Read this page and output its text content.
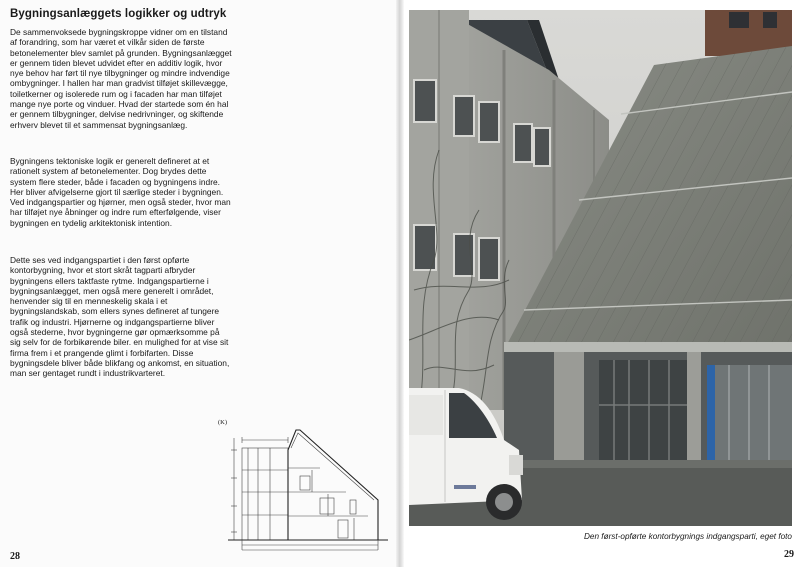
Bygningsanlæggets logikker og udtryk

De sammenvoksede bygningskroppe vidner om en tilstand af forandring, som har været et vilkår siden de første betonelementer blev samlet på grunden. Bygningsanlægget er gennem tiden blevet udvidet efter en additiv logik, hvor nye behov har ført til nye tilbygninger og mindre indvendige ombygninger. I hallen har man gradvist tilføjet skillevægge, toiletkerner og isolerede rum og i facaden har man tilføjet mange nye porte og vinduer. Hvad der startede som én hal er gennem tilbygninger, delvise nedrivninger, og skiftende erhverv blevet til et sammensat bygningsanlæg.

Bygningens tektoniske logik er generelt defineret at et rationelt system af betonelementer. Dog brydes dette system flere steder, både i facaden og bygningens indre. Her bliver afvigelserne gjort til særlige steder i bygningen. Ved indgangspartier og hjørner, men også steder, hvor man har tilføjet nye åbninger og indre rum efterfølgende, viser bygningen en tydelig arkitektonisk intention.

Dette ses ved indgangspartiet i den først opførte kontorbygning, hvor et stort skråt tagparti afbryder bygningens ellers taktfaste rytme. Indgangspartierne i bygningsanlægget, men også mere generelt i området, henvender sig til en menneskelig skala i et bygningslandskab, som ellers synes defineret af tungere trafik og industri. Hjørnerne og indgangspartierne bliver også stederne, hvor bygningerne gør opmærksomme på sig selv for de forbikørende biler. en mulighed for at vise sit firma frem i et prangende glimt i forbifarten. Disse bygningsdele bliver både blikfang og ankomst, en situation, man ser gentaget rundt i industrikvarteret.

(K)
28
Den først-opførte kontorbygnings indgangsparti, eget foto
29
